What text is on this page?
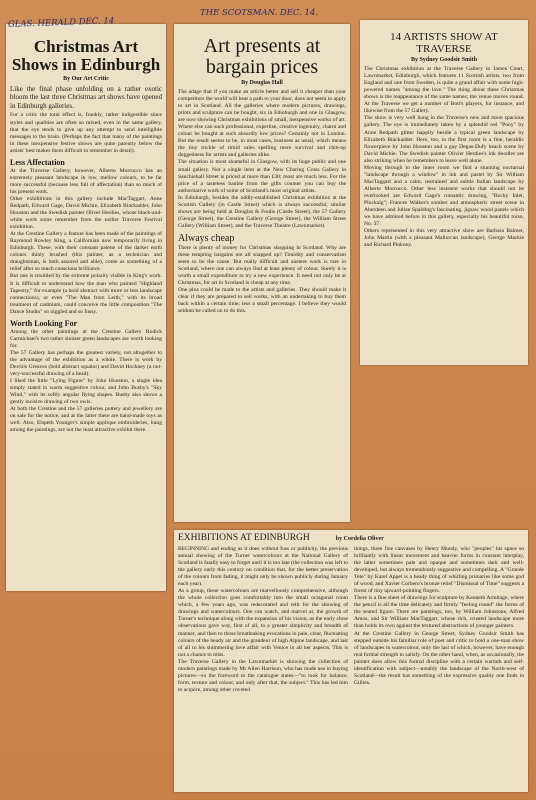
Christmas Art Shows in Edinburgh
By Our Art Critic

Like the final phase unfolding on a rather exotic bloom the last three Christmas art shows have opened in Edinburgh galleries.

For a critic the total effect is, frankly, rather indigestible since styles and qualities are often so mixed, even in the same gallery, that the eye tends to give up any attempt to send intelligible messages to the brain. (Perhaps the fact that many of the paintings in these inexpensive festive shows are quite patently below the artists' best makes them difficult to remember in detail).

Less Affectation

At the Traverse Gallery, however, Alberto Morrocco has an extremely pleasant landscape in low, mellow colours, to be far more successful (because less full of affectation) than so much of his present work.

Other exhibitions in this gallery include MacTaggart, Anne Redpath, Edward Gage, David Michie, Elizabeth Blackadder, John Houston and the Swedish painter Oliver Herdies, whose black-and-white work some remember from the earlier Traverse Festival exhibition.

At the Crestine Gallery a feature has been made of the paintings of Raymond Rowley King, a Californian now temporarily living in Edinburgh. These, with their constant palette of the darker earth colours thinly brushed (this painter, as a technician and draughtsman, is both assured and able), come as something of a relief after so much conscious brilliance.

But one is troubled by the extreme polarity visible in King's work. It is difficult to understand how the man who painted "Highland Tapestry," for example (a bold abstract with more or less landscape connections), or even "The Man from Leith," with its broad treatment of cadmium, could conceive the little composition "The Dance Studio" so niggled and so fussy.

Worth Looking For

Among the other paintings at the Crestine Gallery Rodick Carmichael's two rather sinister green landscapes are worth looking for.

The 57 Gallery has perhaps the greatest variety, not altogether to the advantage of the exhibition as a whole. There is work by Derrick Greaves (bold abstract squalor) and David Hockney (a not-very-successful drawing of a head).

I liked the little "Lying Figure" by John Houston, a single idea simply stated in warm suggestive colour, and John Busby's "Sky Wind," with its softly angular flying shapes. Busby also shows a gently incisive drawing of two owls.

At both the Crestine and the 57 galleries pottery and jewellery are on sale for the notice, and at the latter there are hand-made toys as well. Also, Elspeth Younger's simple applique embroideries, hung among the paintings, are not the least attractive exhibit there.

GLAS. HERALD DEC. 14
Art presents at bargain prices
By Douglas Hall

The adage that if you make an article better and sell it cheaper than your competitors the world will beat a path to your door, does not seem to apply to art in Scotland. All the galleries where modern pictures, drawings, prints and sculpture can be bought, six in Edinburgh and one in Glasgow, are now showing Christmas exhibitions of small, inexpensive works of art. Where else can such professional, expertise, creative ingenuity, charm and colour be bought at such absurdly low prices? Certainly not in London. But the result seems to be, in most cases, business as usual, which means the tiny trickle of timid sales spelling mere survival and chin-up doggedness for artists and galleries alike.

The situation is most shameful in Glasgow, with its huge public and one small gallery. Not a single item at the New Charing Cross Gallery in Sauchiehall Street is priced at more than £30; most are much less. For the price of a tasteless bauble from the gifts counter you can buy the authoritative work of some of Scotland's most original artists.

In Edinburgh, besides the oddly-established Christmas exhibition at the Scottish Gallery (in Castle Street) which is always successful, similar shows are being held at Douglas & Foulis (Castle Street), the 57 Gallery (George Street), the Crestine Gallery (George Street), the William Street Gallery (William Street), and the Traverse Theatre (Lawnmarket).

Always cheap

There is plenty of money for Christmas shopping in Scotland. Why are these tempting bargains not all snapped up? Timidity and conservatism seem to be the cause. But really difficult and austere work is rare in Scotland, where one can always find at least plenty of colour. Surely it is worth a small expenditure to try a new experience. It need not only be at Christmas, for art in Scotland is cheap at any time.

One plea could be made to the artists and galleries. They should make it clear if they are prepared to sell works, with an undertaking to buy them back within a certain time; less a small percentage. I believe they would seldom be called on to do this.

THE SCOTSMAN. DEC. 14.
14 ARTISTS SHOW AT TRAVERSE
By Sydney Goodsir Smith

The Christmas exhibition at the Traverse Gallery in James Court, Lawnmarket, Edinburgh, which features 11 Scottish artists, two from England and one from Sweden, is quite a grand affair with some high-powered names "among the lave." The thing about these Christmas shows is the reappearance of the same names; the venue moves round. At the Traverse we get a number of Bott's players, for instance, and likewise from the 57 Gallery.

The show is very well hung in the Traverse's new and more spacious gallery. The eye is immediately taken by a splendid red "Pony" by Anne Redpath glitter happily beside a typical green landscape by Elizabeth Blackadder. Here, too, in the first room is a fine, heraldic flowerpiece by John Houston and a gay Degas-Dufy beach scene by David Michie. The Swedish painter Olivier Herdies's ink doodles are also striking when he remembers to leave well alone.

Moving through to the inner room we find a stunning nocturnal "landscape through a window" in ink and pastel by Sir William MacTaggart and a calm, restrained and subtle Italian landscape by Alberto Morrocco. Other less insistent works that should not be overlooked are Edward Gage's romantic drawing, "Rocky Inlet, Plockaig"; Frances Walker's somber and atmospheric street scene in Aberdeen and Julian Spalding's fascinating, jigsaw wood panels which we have admired before in this gallery, especially his beautiful torso, No. 37.

Others represented in this very attractive show are Barbara Balmer, John Martin (with a pleasant Mallorcan landscape), George Mackie and Richard Pinkney.

EXHIBITIONS AT EDINBURGH	by Cordelia Oliver

BEGINNING and ending as it does without fuss or publicity, the previous annual showing of the Turner watercolours at the National Gallery of Scotland is fatally easy to forget until it is too late (the collection was left to the gallery early this century on condition that, for the better preservation of the colours from fading, it might only be shown publicly during January each year).

As a group, these watercolours are marvellously comprehensive, although the whole collection goes comfortably into the small octagonal room which, a few years ago, was redecorated and relit for the showing of drawings and watercolours. One can watch, and marvel at, the growth of Turner's technique along with the expansion of his vision, as the early close observations gave way, first of all, to a greater simplicity and breadth of manner, and then to those breathtaking evocations in pale, clear, fluctuating colours of the heady air and the grandeur of high Alpine landscape, and last of all to his shimmering love affair with Venice in all her aspects. This is not a chance to miss.

The Traverse Gallery in the Lawnmarket is showing the collection of modern paintings made by Mr Allen Harrison, who has made use in buying pictures—so the foreword to the catalogue states—"to look for balance, form, texture and colour, and only after that, the subject." This has led him to acquire, among other coveted

things, three fine canvases by Henry Mundy, who "peoples" his space so brilliantly with linear movement and heavier forms in constant interplay, the latter sometimes pale and opaque and sometimes dark and well-developed, but always tremendously suggestive and compelling. A "Grande Tete" by Karel Appel is a heady thing of whirling primaries like some god of wood, and Xavier Corbero's bronze relief "Dismissal of Time" suggests a forest of tiny upward-pointing fingers.

There is a fine sheet of drawings for sculpture by Kenneth Armitage, where the pencil is all the time delicately and firmly "feeling round" the forms of the seated figure. There are paintings, too, by William Johnstone, Alfred Amos, and Sir William MacTaggart, whose rich, crusted landscape more than holds its own against the textured abstractions of younger painters.

At the Crestine Gallery in George Street, Sydney Goodsir Smith has stepped outside his familiar role of poet and critic to hold a one-man show of landscapes in watercolour, only the last of which, however, have enough real formal strength to satisfy. On the other hand, when, as occasionally, the painter does allow this formal discipline with a certain warmth and self-identification with subject—notably the landscape of the North-west of Scotland—the result has something of the expressive quality one finds in Gillies.
